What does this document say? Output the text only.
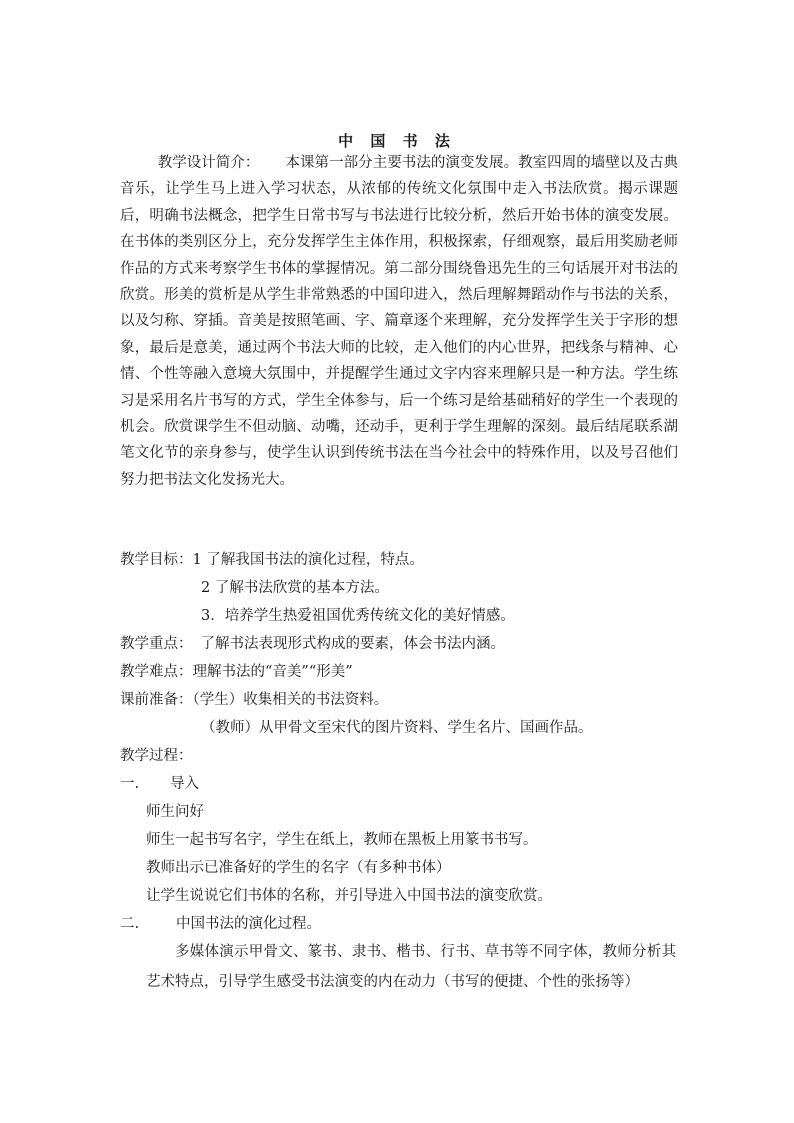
中 国 书 法
教学设计简介： 本课第一部分主要书法的演变发展。教室四周的墙壁以及古典音乐，让学生马上进入学习状态，从浓郁的传统文化氛围中走入书法欣赏。揭示课题后，明确书法概念，把学生日常书写与书法进行比较分析，然后开始书体的演变发展。在书体的类别区分上，充分发挥学生主体作用，积极探索，仔细观察，最后用奖励老师作品的方式来考察学生书体的掌握情况。第二部分围绕鲁迅先生的三句话展开对书法的欣赏。形美的赏析是从学生非常熟悉的中国印进入，然后理解舞蹈动作与书法的关系，以及匀称、穿插。音美是按照笔画、字、篇章逐个来理解，充分发挥学生关于字形的想象，最后是意美，通过两个书法大师的比较，走入他们的内心世界，把线条与精神、心情、个性等融入意境大氛围中，并提醒学生通过文字内容来理解只是一种方法。学生练习是采用名片书写的方式，学生全体参与，后一个练习是给基础稍好的学生一个表现的机会。欣赏课学生不但动脑、动嘴，还动手，更利于学生理解的深刻。最后结尾联系湖笔文化节的亲身参与，使学生认识到传统书法在当今社会中的特殊作用，以及号召他们努力把书法文化发扬光大。
教学目标：1 了解我国书法的演化过程，特点。
2 了解书法欣赏的基本方法。
3．培养学生热爱祖国优秀传统文化的美好情感。
教学重点： 了解书法表现形式构成的要素，体会书法内涵。
教学难点：理解书法的“音美”“形美”
课前准备：（学生）收集相关的书法资料。
（教师）从甲骨文至宋代的图片资料、学生名片、国画作品。
教学过程：
一. 导入
师生问好
师生一起书写名字，学生在纸上，教师在黑板上用篆书书写。
教师出示已准备好的学生的名字（有多种书体）
让学生说说它们书体的名称，并引导进入中国书法的演变欣赏。
二.	中国书法的演化过程。
多媒体演示甲骨文、篆书、隶书、楷书、行书、草书等不同字体，教师分析其艺术特点，引导学生感受书法演变的内在动力（书写的便捷、个性的张扬等）
